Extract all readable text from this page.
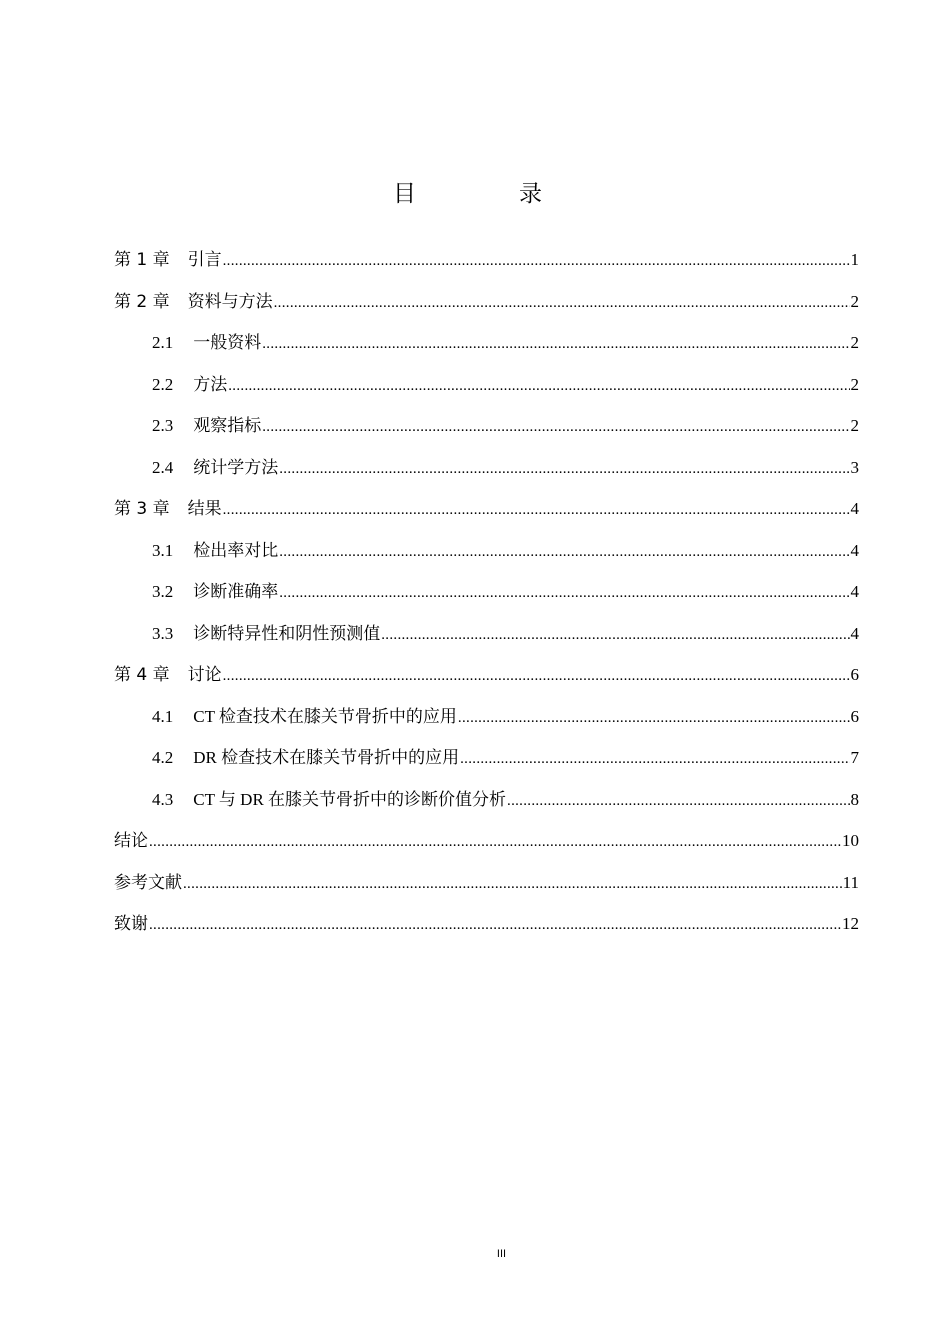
目　录
第 1 章 引言 .....	1
第 2 章 资料与方法 .....	2
2.1 一般资料 .....	2
2.2 方法 .....	2
2.3 观察指标 .....	2
2.4 统计学方法 .....	3
第 3 章 结果 .....	4
3.1 检出率对比 .....	4
3.2 诊断准确率 .....	4
3.3 诊断特异性和阴性预测值 .....	4
第 4 章 讨论 .....	6
4.1 CT 检查技术在膝关节骨折中的应用 .....	6
4.2 DR 检查技术在膝关节骨折中的应用 .....	7
4.3 CT 与 DR 在膝关节骨折中的诊断价值分析 .....	8
结论 .....	10
参考文献 .....	11
致谢 .....	12
III
